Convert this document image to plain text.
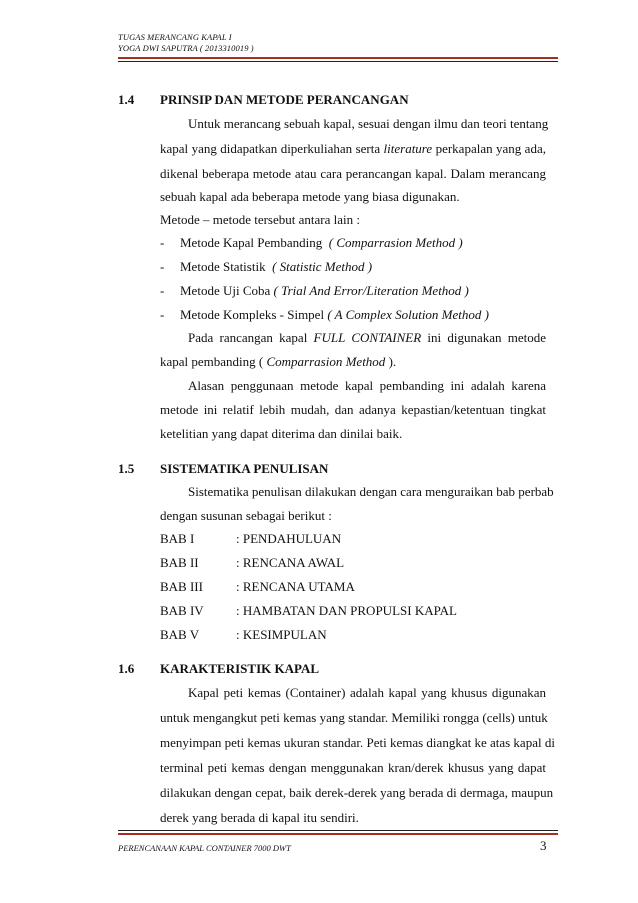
TUGAS MERANCANG KAPAL I
YOGA DWI SAPUTRA ( 2013310019 )
1.4 PRINSIP DAN METODE PERANCANGAN
Untuk merancang sebuah kapal, sesuai dengan ilmu dan teori tentang
kapal yang didapatkan diperkuliahan serta literature perkapalan yang ada,
dikenal beberapa metode atau cara perancangan kapal. Dalam merancang
sebuah kapal ada beberapa metode yang biasa digunakan.
Metode – metode tersebut antara lain :
- Metode Kapal Pembanding ( Comparrasion Method )
- Metode Statistik ( Statistic Method )
- Metode Uji Coba ( Trial And Error/Literation Method )
- Metode Kompleks - Simpel ( A Complex Solution Method )
Pada rancangan kapal FULL CONTAINER ini digunakan metode
kapal pembanding ( Comparrasion Method ).
Alasan penggunaan metode kapal pembanding ini adalah karena
metode ini relatif lebih mudah, dan adanya kepastian/ketentuan tingkat
ketelitian yang dapat diterima dan dinilai baik.
1.5 SISTEMATIKA PENULISAN
Sistematika penulisan dilakukan dengan cara menguraikan bab perbab
dengan susunan sebagai berikut :
BAB I	: PENDAHULUAN
BAB II	: RENCANA AWAL
BAB III	: RENCANA UTAMA
BAB IV : HAMBATAN DAN PROPULSI KAPAL
BAB V	: KESIMPULAN
1.6 KARAKTERISTIK KAPAL
Kapal peti kemas (Container) adalah kapal yang khusus digunakan
untuk mengangkut peti kemas yang standar. Memiliki rongga (cells) untuk
menyimpan peti kemas ukuran standar. Peti kemas diangkat ke atas kapal di
terminal peti kemas dengan menggunakan kran/derek khusus yang dapat
dilakukan dengan cepat, baik derek-derek yang berada di dermaga, maupun
derek yang berada di kapal itu sendiri.
PERENCANAAN KAPAL CONTAINER 7000 DWT	3
